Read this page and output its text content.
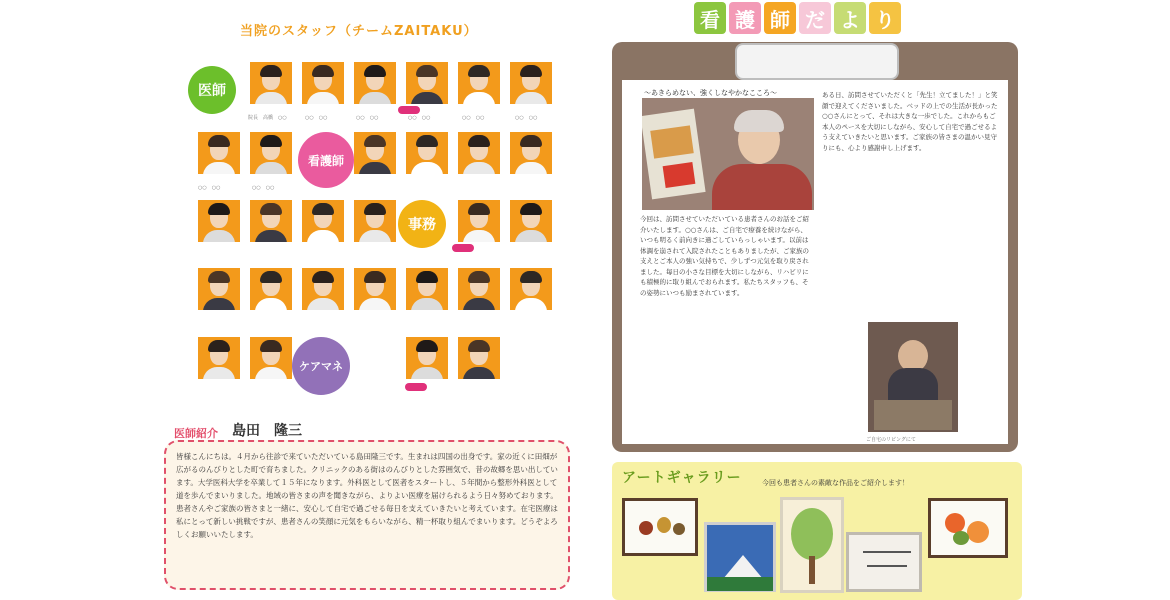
当院のスタッフ（チームZAITAKU）
医師
看護師
事務
ケアマネ
院長　高橋　○○	○○　○○	○○　○○	○○　○○	○○　○○	○○　○○
○○　○○	○○　○○
医師紹介 島田　隆三

皆様こんにちは。４月から往診で来ていただいている島田隆三です。生まれは四国の出身です。家の近くに田畑が広がるのんびりとした町で育ちました。クリニックのある街はのんびりとした雰囲気で、昔の故郷を思い出しています。大学医科大学を卒業して１５年になります。外科医として医者をスタートし、５年間から整形外科医として道を歩んでまいりました。地域の皆さまの声を聞きながら、よりよい医療を届けられるよう日々努めております。患者さんやご家族の皆さまと一緒に、安心して自宅で過ごせる毎日を支えていきたいと考えています。在宅医療は私にとって新しい挑戦ですが、患者さんの笑顔に元気をもらいながら、精一杯取り組んでまいります。どうぞよろしくお願いいたします。

看 護 師 だ よ り
〜あきらめない、強くしなやかなこころ〜

今回は、訪問させていただいている患者さんのお話をご紹介いたします。○○さんは、ご自宅で療養を続けながら、いつも明るく前向きに過ごしていらっしゃいます。以前は体調を崩されて入院されたこともありましたが、ご家族の支えとご本人の強い気持ちで、少しずつ元気を取り戻されました。毎日の小さな目標を大切にしながら、リハビリにも積極的に取り組んでおられます。私たちスタッフも、その姿勢にいつも励まされています。

ある日、訪問させていただくと「先生！立てました！」と笑顔で迎えてくださいました。ベッドの上での生活が長かった○○さんにとって、それは大きな一歩でした。これからもご本人のペースを大切にしながら、安心して自宅で過ごせるよう支えていきたいと思います。ご家族の皆さまの温かい見守りにも、心より感謝申し上げます。

ご自宅のリビングにて
アートギャラリー	今回も患者さんの素敵な作品をご紹介します！
